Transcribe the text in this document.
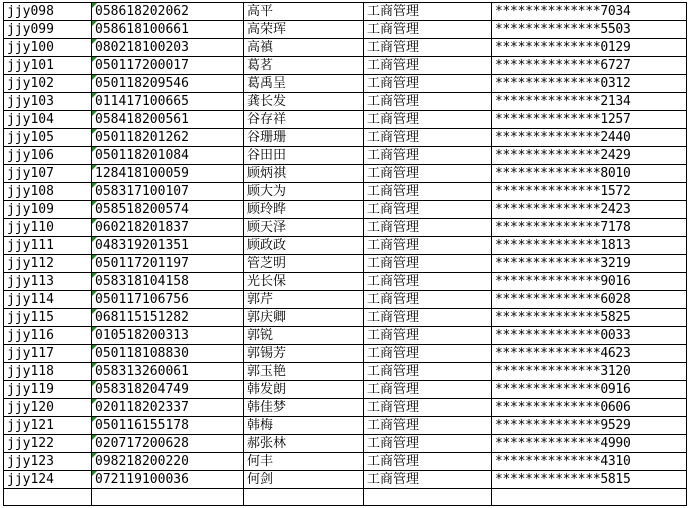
jjy098	058618202062	高平	工商管理	**************7034
jjy099	058618100661	高荣珲	工商管理	**************5503
jjy100	080218100203	高禛	工商管理	**************0129
jjy101	050117200017	葛茗	工商管理	**************6727
jjy102	050118209546	葛禹呈	工商管理	**************0312
jjy103	011417100665	龚长发	工商管理	**************2134
jjy104	058418200561	谷存祥	工商管理	**************1257
jjy105	050118201262	谷珊珊	工商管理	**************2440
jjy106	050118201084	谷田田	工商管理	**************2429
jjy107	128418100059	顾炳祺	工商管理	**************8010
jjy108	058317100107	顾大为	工商管理	**************1572
jjy109	058518200574	顾玲晔	工商管理	**************2423
jjy110	060218201837	顾天泽	工商管理	**************7178
jjy111	048319201351	顾政政	工商管理	**************1813
jjy112	050117201197	管芝明	工商管理	**************3219
jjy113	058318104158	光长保	工商管理	**************9016
jjy114	050117106756	郭芹	工商管理	**************6028
jjy115	068115151282	郭庆卿	工商管理	**************5825
jjy116	010518200313	郭锐	工商管理	**************0033
jjy117	050118108830	郭锡芳	工商管理	**************4623
jjy118	058313260061	郭玉艳	工商管理	**************3120
jjy119	058318204749	韩发朗	工商管理	**************0916
jjy120	020118202337	韩佳梦	工商管理	**************0606
jjy121	050116155178	韩梅	工商管理	**************9529
jjy122	020717200628	郝张林	工商管理	**************4990
jjy123	098218200220	何丰	工商管理	**************4310
jjy124	072119100036	何剑	工商管理	**************5815
